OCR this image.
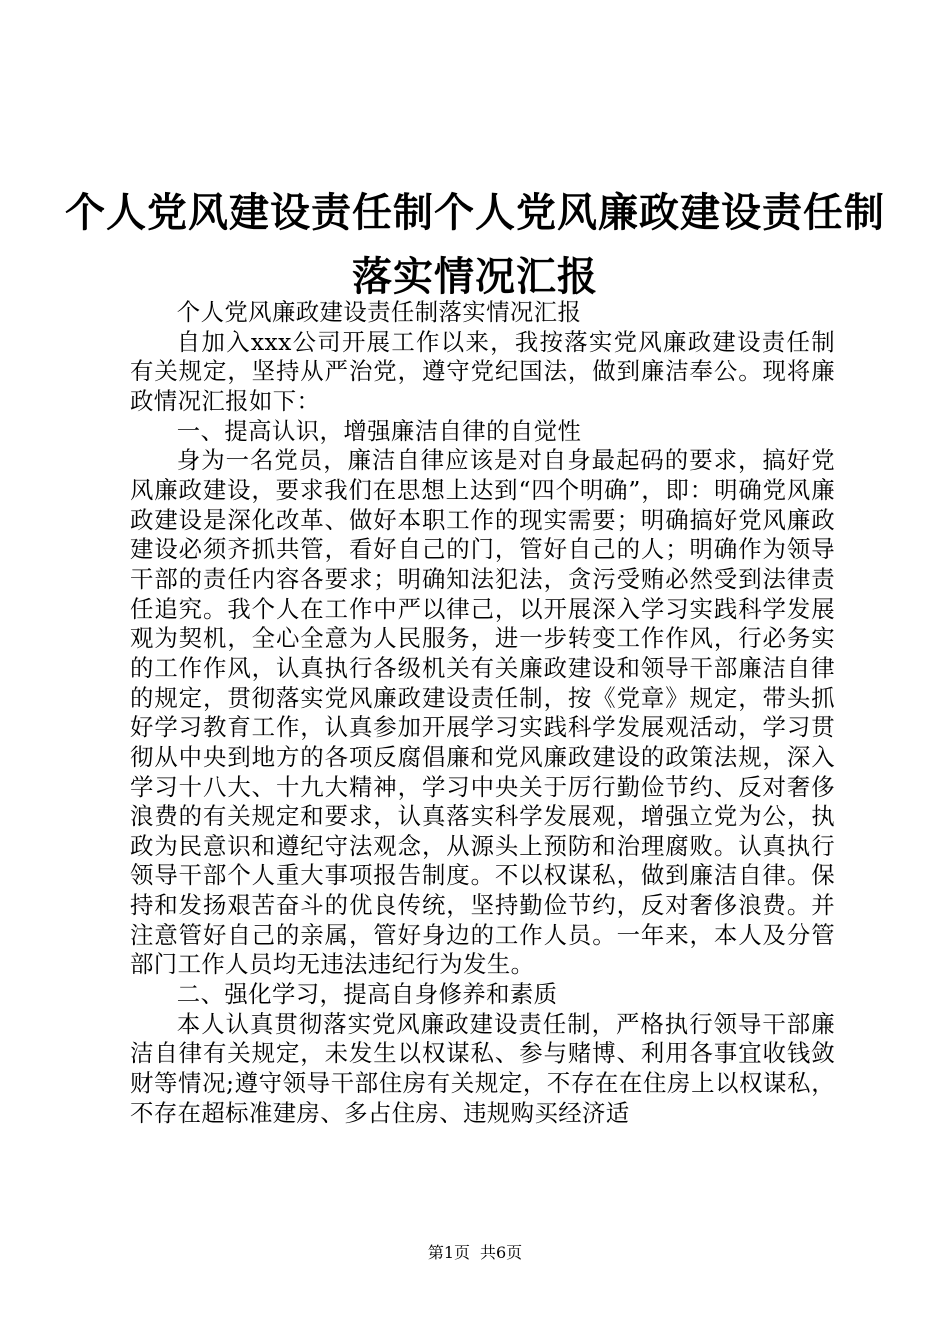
个人党风建设责任制个人党风廉政建设责任制
落实情况汇报

个人党风廉政建设责任制落实情况汇报

自加入xxx公司开展工作以来，我按落实党风廉政建设责任制有关规定，坚持从严治党，遵守党纪国法，做到廉洁奉公。现将廉政情况汇报如下：

一、提高认识，增强廉洁自律的自觉性

身为一名党员，廉洁自律应该是对自身最起码的要求，搞好党风廉政建设，要求我们在思想上达到“四个明确”，即：明确党风廉政建设是深化改革、做好本职工作的现实需要；明确搞好党风廉政建设必须齐抓共管，看好自己的门，管好自己的人；明确作为领导干部的责任内容各要求；明确知法犯法，贪污受贿必然受到法律责任追究。我个人在工作中严以律己，以开展深入学习实践科学发展观为契机，全心全意为人民服务，进一步转变工作作风，行必务实的工作作风，认真执行各级机关有关廉政建设和领导干部廉洁自律的规定，贯彻落实党风廉政建设责任制，按《党章》规定，带头抓好学习教育工作，认真参加开展学习实践科学发展观活动，学习贯彻从中央到地方的各项反腐倡廉和党风廉政建设的政策法规，深入学习十八大、十九大精神，学习中央关于厉行勤俭节约、反对奢侈浪费的有关规定和要求，认真落实科学发展观，增强立党为公，执政为民意识和遵纪守法观念，从源头上预防和治理腐败。认真执行领导干部个人重大事项报告制度。不以权谋私，做到廉洁自律。保持和发扬艰苦奋斗的优良传统，坚持勤俭节约，反对奢侈浪费。并注意管好自己的亲属，管好身边的工作人员。一年来，本人及分管部门工作人员均无违法违纪行为发生。

二、强化学习，提高自身修养和素质

本人认真贯彻落实党风廉政建设责任制，严格执行领导干部廉洁自律有关规定，未发生以权谋私、参与赌博、利用各事宜收钱敛财等情况;遵守领导干部住房有关规定，不存在在住房上以权谋私，不存在超标准建房、多占住房、违规购买经济适

第1页 共6页
